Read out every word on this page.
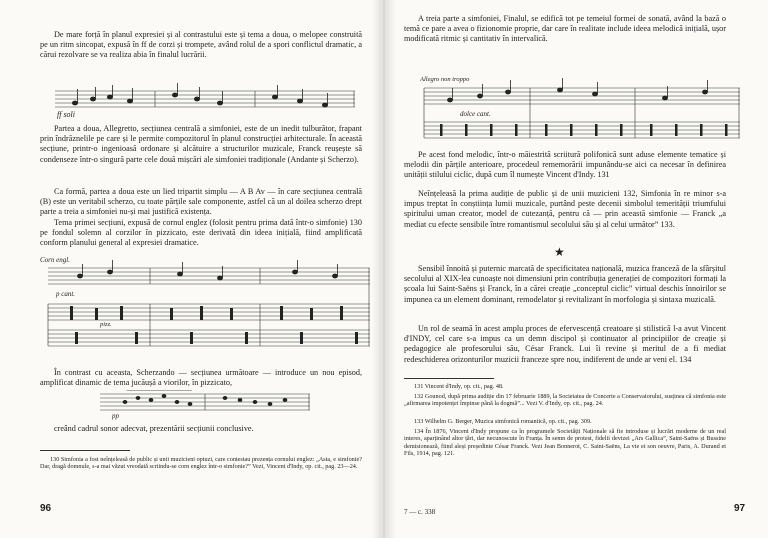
De mare forță în planul expresiei și al contrastului este și tema a doua, o melopee construită pe un ritm sincopat, expusă în ff de corzi și trompete, având rolul de a spori conflictul dramatic, a cărui rezolvare se va realiza abia în finalul lucrării.

ff soli

Partea a doua, Allegretto, secțiunea centrală a simfoniei, este de un inedit tulburător, frapant prin îndrăznelile pe care și le permite compozitorul în planul construcției arhitecturale. În această secțiune, printr-o ingenioasă ordonare și alcătuire a structurilor muzicale, Franck reușește să condenseze într-o singură parte cele două mișcări ale simfoniei tradiționale (Andante și Scherzo).

Ca formă, partea a doua este un lied tripartit simplu — A B Av — în care secțiunea centrală (B) este un veritabil scherzo, cu toate părțile sale componente, astfel că un al doilea scherzo drept parte a treia a simfoniei nu-și mai justifică existența.

Tema primei secțiuni, expusă de cornul englez (folosit pentru prima dată într-o simfonie) 130 pe fondul solemn al corzilor în pizzicato, este derivată din ideea inițială, fiind amplificată conform planului general al expresiei dramatice.

Corn engl.
p cant.
pizz.

În contrast cu aceasta, Scherzando — secțiunea următoare — introduce un nou episod, amplificat dinamic de tema jucăușă a viorilor, în pizzicato,

pp

creând cadrul sonor adecvat, prezentării secțiunii conclusive.

130 Simfonia a fost neînțeleasă de public și unii muzicieni optuzi, care contestau prezența cornului englez: „Asta, e simfonie? Dar, dragă domnule, s-a mai văzut vreodată scriindu-se corn englez într-o simfonie?” Vezi, Vincent d'Indy, op. cit., pag. 23—24.

96

A treia parte a simfoniei, Finalul, se edifică tot pe temeiul formei de sonată, având la bază o temă ce pare a avea o fizionomie proprie, dar care în realitate include ideea melodică inițială, ușor modificată ritmic și cantitativ în intervalică.

Allegro non troppo
dolce cant.

Pe acest fond melodic, într-o măiestrită scriitură polifonică sunt aduse elemente tematice și melodii din părțile anterioare, procedeul rememorării impunându-se aici ca necesar în definirea unității stilului ciclic, după cum îl numește Vincent d'Indy. 131

Neînțeleasă la prima audiție de public și de unii muzicieni 132, Simfonia în re minor s-a impus treptat în conștiința lumii muzicale, purtând peste decenii simbolul temerității triumfului spiritului uman creator, model de cutezanță, pentru că — prin această simfonie — Franck „a mediat cu efecte sensibile între romantismul secolului său și al celui următor” 133.

★

Sensibil înnoită și puternic marcată de specificitatea națională, muzica franceză de la sfârșitul secolului al XIX-lea cunoaște noi dimensiuni prin contribuția generației de compozitori formați la școala lui Saint-Saëns și Franck, în a cărei creație „conceptul ciclic” virtual deschis înnoirilor se impunea ca un element dominant, remodelator și revitalizant în morfologia și sintaxa muzicală.

Un rol de seamă în acest amplu proces de efervescență creatoare și stilistică l-a avut Vincent d'INDY, cel care s-a impus ca un demn discipol și continuator al principiilor de creație și pedagogice ale profesorului său, César Franck. Lui îi revine și meritul de a fi mediat redeschiderea orizonturilor muzicii franceze spre nou, indiferent de unde ar veni el. 134

131 Vincent d'Indy, op. cit., pag. 48.

132 Gounod, după prima audiție din 17 februarie 1889, la Societatea de Concerte a Conservatorului, susținea că simfonia este „afirmarea impotenței împinse până la dogmă”... Vezi V. d'Indy, op. cit., pag. 24.

133 Wilhelm G. Berger, Muzica simfonică romantică, op. cit., pag. 309.

134 În 1876, Vincent d'Indy propune ca în programele Societății Naționale să fie introduse și lucrări moderne de un real interes, aparținând altor țări, dar necunoscute în Franța. În semn de protest, fidelii devizei „Ars Gallica”, Saint-Saëns și Bussine demisionează, fiind aleși președinte César Franck. Vezi Jean Bonnerot, C. Saint-Saëns, La vie et son oeuvre, Paris, A. Durand et Fils, 1914, pag. 121.

7 — c. 338	97
